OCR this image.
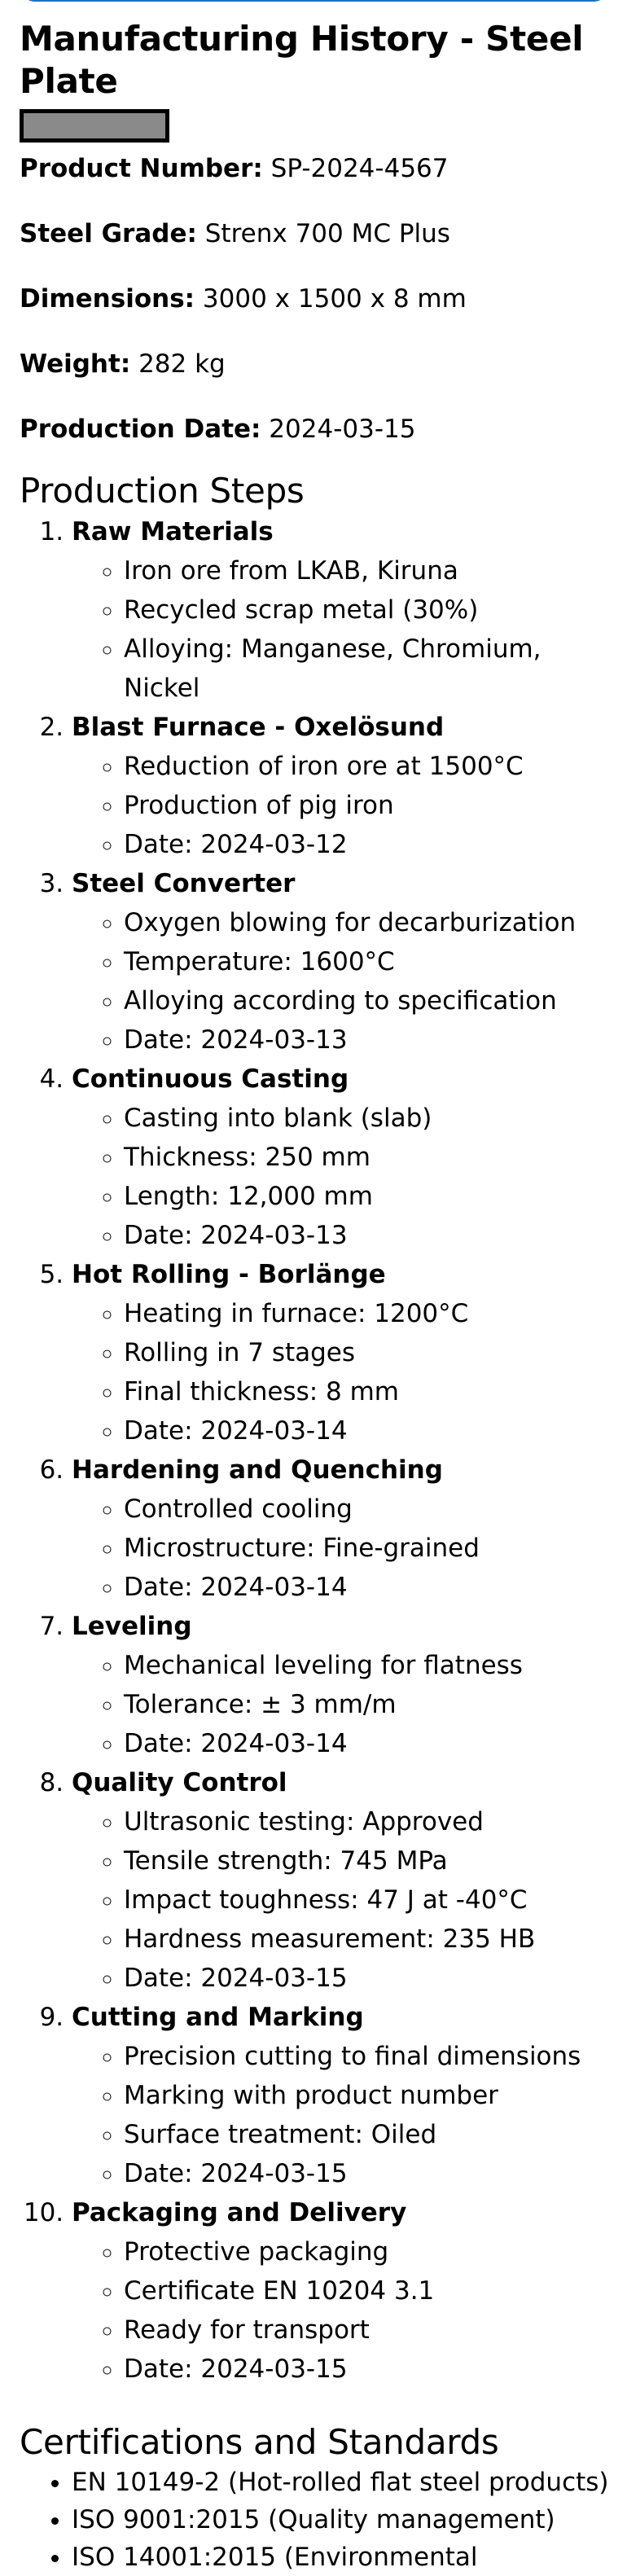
Manufacturing History - Steel Plate

Product Number: SP-2024-4567

Steel Grade: Strenx 700 MC Plus

Dimensions: 3000 x 1500 x 8 mm

Weight: 282 kg

Production Date: 2024-03-15

Production Steps
1. Raw Materials
◦ Iron ore from LKAB, Kiruna
◦ Recycled scrap metal (30%)
◦ Alloying: Manganese, Chromium, Nickel
2. Blast Furnace - Oxelösund
◦ Reduction of iron ore at 1500°C
◦ Production of pig iron
◦ Date: 2024-03-12
3. Steel Converter
◦ Oxygen blowing for decarburization
◦ Temperature: 1600°C
◦ Alloying according to specification
◦ Date: 2024-03-13
4. Continuous Casting
◦ Casting into blank (slab)
◦ Thickness: 250 mm
◦ Length: 12,000 mm
◦ Date: 2024-03-13
5. Hot Rolling - Borlänge
◦ Heating in furnace: 1200°C
◦ Rolling in 7 stages
◦ Final thickness: 8 mm
◦ Date: 2024-03-14
6. Hardening and Quenching
◦ Controlled cooling
◦ Microstructure: Fine-grained
◦ Date: 2024-03-14
7. Leveling
◦ Mechanical leveling for flatness
◦ Tolerance: ± 3 mm/m
◦ Date: 2024-03-14
8. Quality Control
◦ Ultrasonic testing: Approved
◦ Tensile strength: 745 MPa
◦ Impact toughness: 47 J at -40°C
◦ Hardness measurement: 235 HB
◦ Date: 2024-03-15
9. Cutting and Marking
◦ Precision cutting to final dimensions
◦ Marking with product number
◦ Surface treatment: Oiled
◦ Date: 2024-03-15
10. Packaging and Delivery
◦ Protective packaging
◦ Certificate EN 10204 3.1
◦ Ready for transport
◦ Date: 2024-03-15
Certifications and Standards
• EN 10149-2 (Hot-rolled flat steel products)
• ISO 9001:2015 (Quality management)
• ISO 14001:2015 (Environmental
